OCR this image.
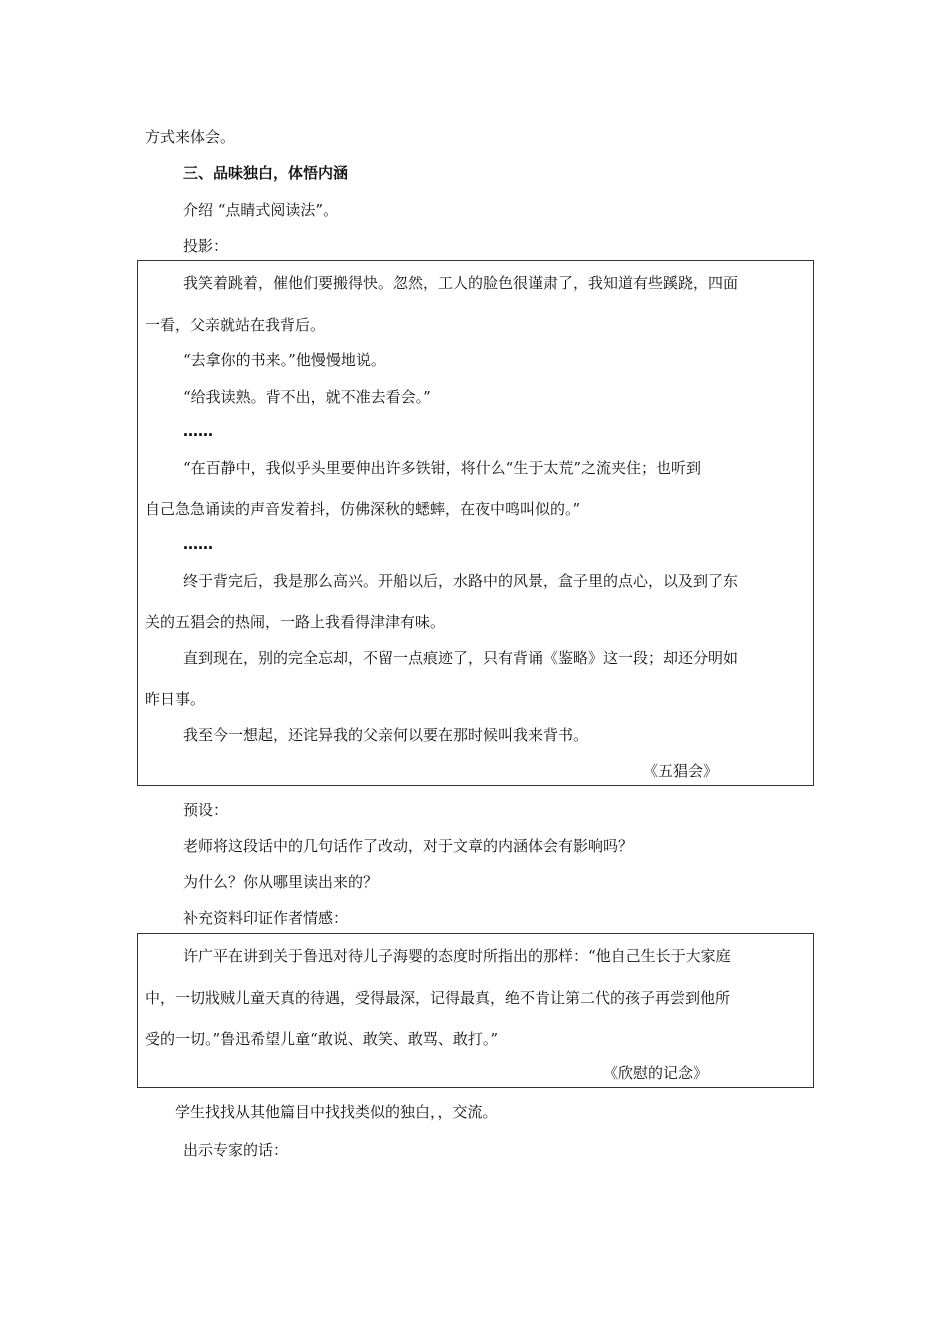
方式来体会。
三、品味独白，体悟内涵
介绍 “点睛式阅读法”。
投影：
我笑着跳着，催他们要搬得快。忽然，工人的脸色很谨肃了，我知道有些蹊跷，四面
一看，父亲就站在我背后。
“去拿你的书来。”他慢慢地说。
“给我读熟。背不出，就不准去看会。”
……
“在百静中，我似乎头里要伸出许多铁钳，将什么“生于太荒”之流夹住；也听到
自己急急诵读的声音发着抖，仿佛深秋的蟋蟀，在夜中鸣叫似的。”
……
终于背完后，我是那么高兴。开船以后，水路中的风景，盒子里的点心，以及到了东
关的五猖会的热闹，一路上我看得津津有味。
直到现在，别的完全忘却，不留一点痕迹了，只有背诵《鉴略》这一段；却还分明如
昨日事。
我至今一想起，还诧异我的父亲何以要在那时候叫我来背书。
《五猖会》
预设：
老师将这段话中的几句话作了改动，对于文章的内涵体会有影响吗？
为什么？你从哪里读出来的？
补充资料印证作者情感：
许广平在讲到关于鲁迅对待儿子海婴的态度时所指出的那样：“他自己生长于大家庭
中，一切戕贼儿童天真的待遇，受得最深，记得最真，绝不肯让第二代的孩子再尝到他所
受的一切。”鲁迅希望儿童“敢说、敢笑、敢骂、敢打。”
《欣慰的记念》
学生找找从其他篇目中找找类似的独白，，交流。
出示专家的话：
